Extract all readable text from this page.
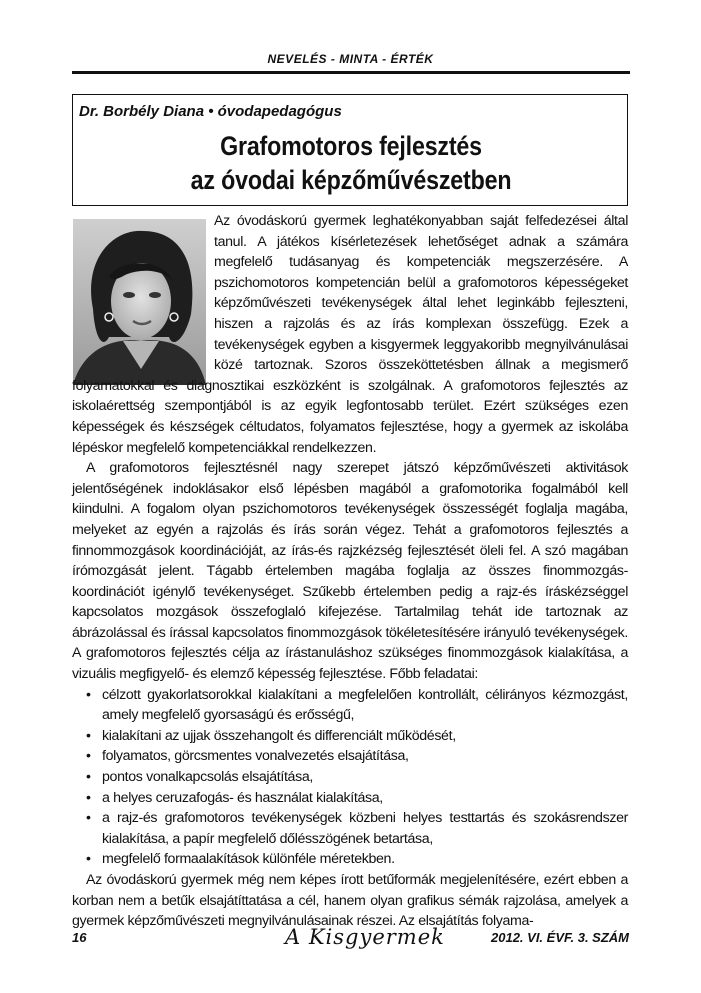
NEVELÉS - MINTA - ÉRTÉK
Dr. Borbély Diana • óvodapedagógus
Grafomotoros fejlesztés
az óvodai képzőművészetben

Az óvodáskorú gyermek leghatékonyabban saját felfedezései által tanul. A játékos kísérletezések lehetőséget adnak a számára megfelelő tudásanyag és kompetenciák megszerzésére. A pszichomotoros kompetencián belül a grafomotoros képességeket képzőművészeti tevékenységek által lehet leginkább fejleszteni, hiszen a rajzolás és az írás komplexan összefügg. Ezek a tevékenységek egyben a kisgyermek leggyakoribb megnyilvánulásai közé tartoznak. Szoros összeköttetésben állnak a megismerő folyamatokkal és diagnosztikai eszközként is szolgálnak. A grafomotoros fejlesztés az iskolaérettség szempontjából is az egyik legfontosabb terület. Ezért szükséges ezen képességek és készségek céltudatos, folyamatos fejlesztése, hogy a gyermek az iskolába lépéskor megfelelő kompetenciákkal rendelkezzen.

A grafomotoros fejlesztésnél nagy szerepet játszó képzőművészeti aktivitások jelentőségének indoklásakor első lépésben magából a grafomotorika fogalmából kell kiindulni. A fogalom olyan pszichomotoros tevékenységek összességét foglalja magába, melyeket az egyén a rajzolás és írás során végez. Tehát a grafomotoros fejlesztés a finnommozgások koordinációját, az írás-és rajzkézség fejlesztését öleli fel. A szó magában írómozgását jelent. Tágabb értelemben magába foglalja az összes finommozgás-koordinációt igénylő tevékenységet. Szűkebb értelemben pedig a rajz-és íráskézséggel kapcsolatos mozgások összefoglaló kifejezése. Tartalmilag tehát ide tartoznak az ábrázolással és írással kapcsolatos finommozgások tökéletesítésére irányuló tevékenységek. A grafomotoros fejlesztés célja az írástanuláshoz szükséges finommozgások kialakítása, a vizuális megfigyelő- és elemző képesség fejlesztése. Főbb feladatai:

• célzott gyakorlatsorokkal kialakítani a megfelelően kontrollált, célirányos kézmozgást, amely megfelelő gyorsaságú és erősségű,
• kialakítani az ujjak összehangolt és differenciált működését,
• folyamatos, görcsmentes vonalvezetés elsajátítása,
• pontos vonalkapcsolás elsajátítása,
• a helyes ceruzafogás- és használat kialakítása,
• a rajz-és grafomotoros tevékenységek közbeni helyes testtartás és szokásrendszer kialakítása, a papír megfelelő dőlésszögének betartása,
• megfelelő formaalakítások különféle méretekben.

Az óvodáskorú gyermek még nem képes írott betűformák megjelenítésére, ezért ebben a korban nem a betűk elsajátíttatása a cél, hanem olyan grafikus sémák rajzolása, amelyek a gyermek képzőművészeti megnyilvánulásainak részei. Az elsajátítás folyama-

16	A Kisgyermek	2012. VI. ÉVF. 3. SZÁM
